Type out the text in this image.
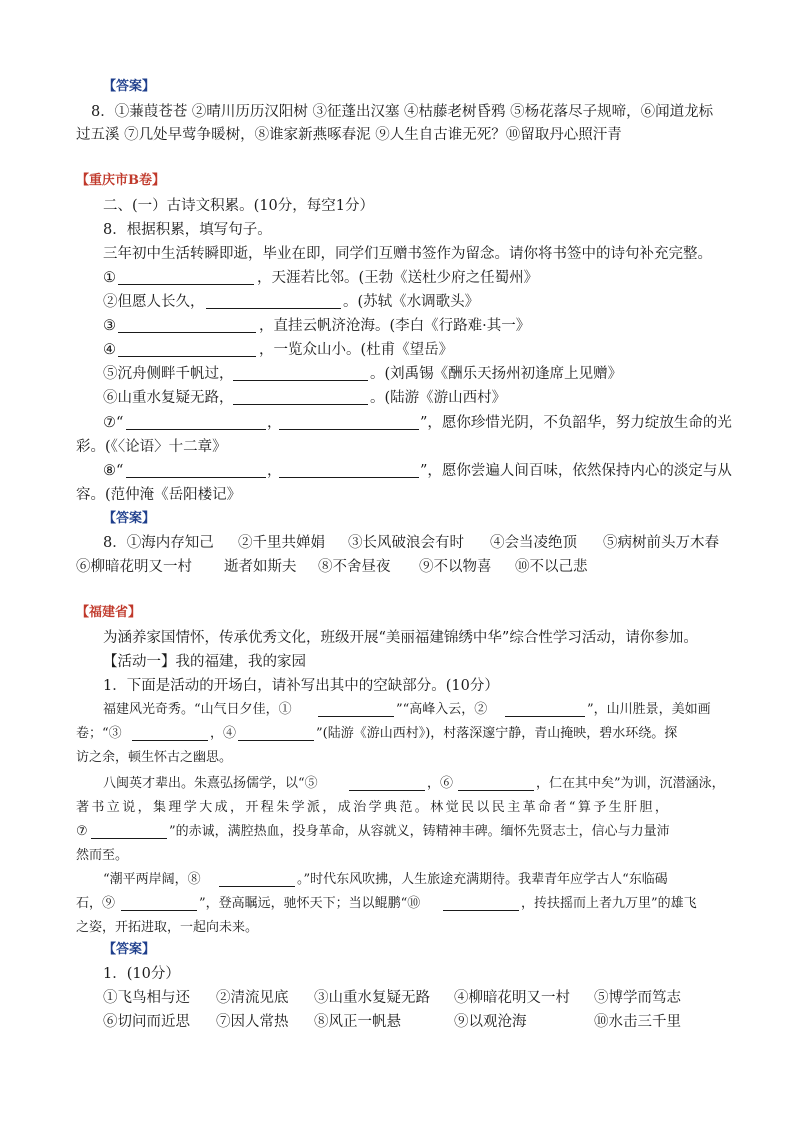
【答案】
8．①蒹葭苍苍 ②晴川历历汉阳树 ③征蓬出汉塞 ④枯藤老树昏鸦 ⑤杨花落尽子规啼，⑥闻道龙标
过五溪 ⑦几处早莺争暖树，⑧谁家新燕啄春泥 ⑨人生自古谁无死？⑩留取丹心照汗青
【重庆市B卷】
二、(一）古诗文积累。(10分，每空1分）
8．根据积累，填写句子。
三年初中生活转瞬即逝，毕业在即，同学们互赠书签作为留念。请你将书签中的诗句补充完整。
①	，天涯若比邻。(王勃《送杜少府之任蜀州》
②但愿人长久，	。(苏轼《水调歌头》
③	，直挂云帆济沧海。(李白《行路难·其一》
④	，一览众山小。(杜甫《望岳》
⑤沉舟侧畔千帆过，	。(刘禹锡《酬乐天扬州初逢席上见赠》
⑥山重水复疑无路，	。(陆游《游山西村》
⑦“	，	”，愿你珍惜光阴，不负韶华，努力绽放生命的光
彩。(《〈论语〉十二章》
⑧“	，	”，愿你尝遍人间百味，依然保持内心的淡定与从
容。(范仲淹《岳阳楼记》
【答案】
8．①海内存知己 ②千里共婵娟 ③长风破浪会有时 ④会当凌绝顶 ⑤病树前头万木春
⑥柳暗花明又一村 逝者如斯夫 ⑧不舍昼夜 ⑨不以物喜 ⑩不以己悲
【福建省】
为涵养家国情怀，传承优秀文化，班级开展“美丽福建锦绣中华”综合性学习活动，请你参加。
【活动一】我的福建，我的家园
1．下面是活动的开场白，请补写出其中的空缺部分。(10分）
福建风光奇秀。“山气日夕佳，①	”“高峰入云，②	”，山川胜景，美如画
卷；“③	，④	”(陆游《游山西村》)，村落深邃宁静，青山掩映，碧水环绕。探
访之余，顿生怀古之幽思。
八闽英才辈出。朱熹弘扬儒学，以“⑤	，⑥	，仁在其中矣”为训，沉潜涵泳，
著书立说，集理学大成，开程朱学派，成治学典范。林觉民以民主革命者“算予生肝胆，
⑦	”的赤诚，满腔热血，投身革命，从容就义，铸精神丰碑。缅怀先贤志士，信心与力量沛
然而至。
“潮平两岸阔，⑧	。”时代东风吹拂，人生旅途充满期待。我辈青年应学古人“东临碣
石，⑨	”，登高瞩远，驰怀天下；当以鲲鹏“⑩	，抟扶摇而上者九万里”的雄飞
之姿，开拓进取，一起向未来。
【答案】
1．(10分）
①飞鸟相与还 ②清流见底 ③山重水复疑无路 ④柳暗花明又一村 ⑤博学而笃志
⑥切问而近思 ⑦因人常热 ⑧风正一帆悬	⑨以观沧海	⑩水击三千里
